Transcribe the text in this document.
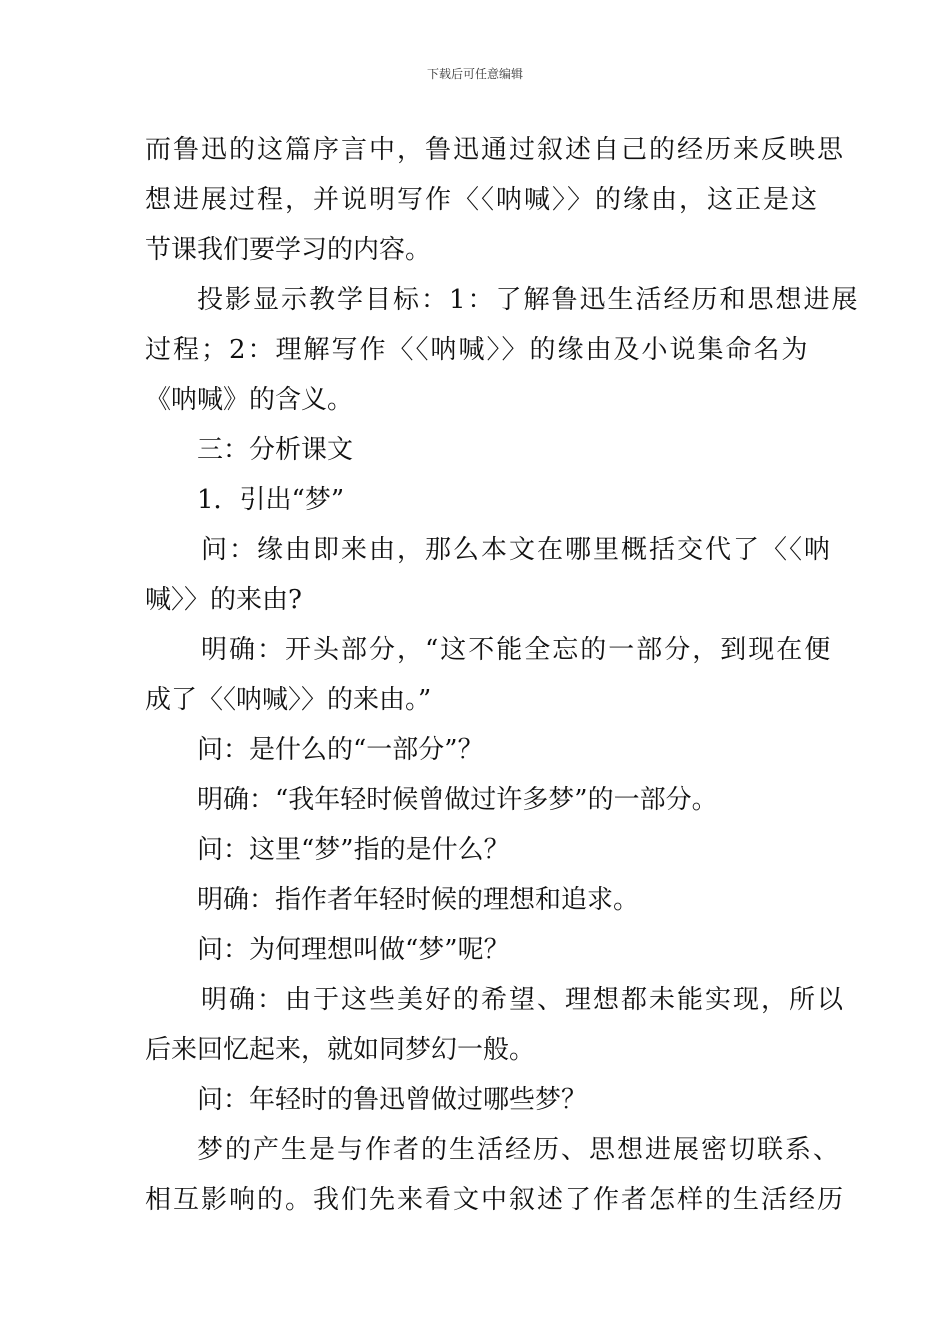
下载后可任意编辑
而鲁迅的这篇序言中，鲁迅通过叙述自己的经历来反映思
想进展过程，并说明写作〈〈呐喊〉〉的缘由，这正是这
节课我们要学习的内容。
投影显示教学目标：1：了解鲁迅生活经历和思想进展
过程；2：理解写作〈〈呐喊〉〉的缘由及小说集命名为
《呐喊》的含义。
三：分析课文
1．引出“梦”
问：缘由即来由，那么本文在哪里概括交代了〈〈呐
喊〉〉的来由?
明确：开头部分，“这不能全忘的一部分，到现在便
成了〈〈呐喊〉〉的来由。”
问：是什么的“一部分”？
明确：“我年轻时候曾做过许多梦”的一部分。
问：这里“梦”指的是什么？
明确：指作者年轻时候的理想和追求。
问：为何理想叫做“梦”呢？
明确：由于这些美好的希望、理想都未能实现，所以
后来回忆起来，就如同梦幻一般。
问：年轻时的鲁迅曾做过哪些梦？
梦的产生是与作者的生活经历、思想进展密切联系、
相互影响的。我们先来看文中叙述了作者怎样的生活经历
